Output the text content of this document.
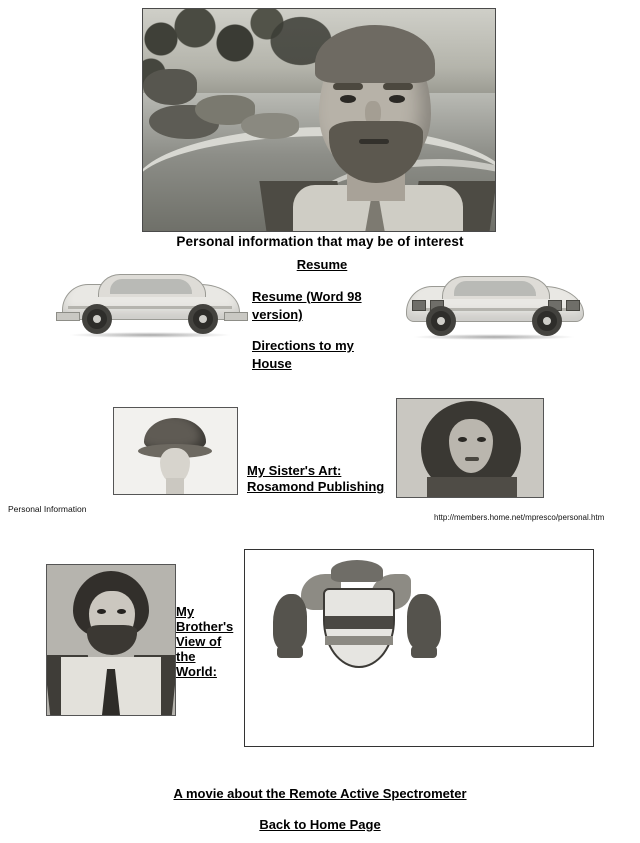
Personal information that may be of interest
Resume
Resume (Word 98 version)
Directions to my House
My Sister's Art:
Rosamond Publishing
Personal Information
http://members.home.net/mpresco/personal.htm
My
Brother's
View of
the
World:
A movie about the Remote Active Spectrometer
Back to Home Page
